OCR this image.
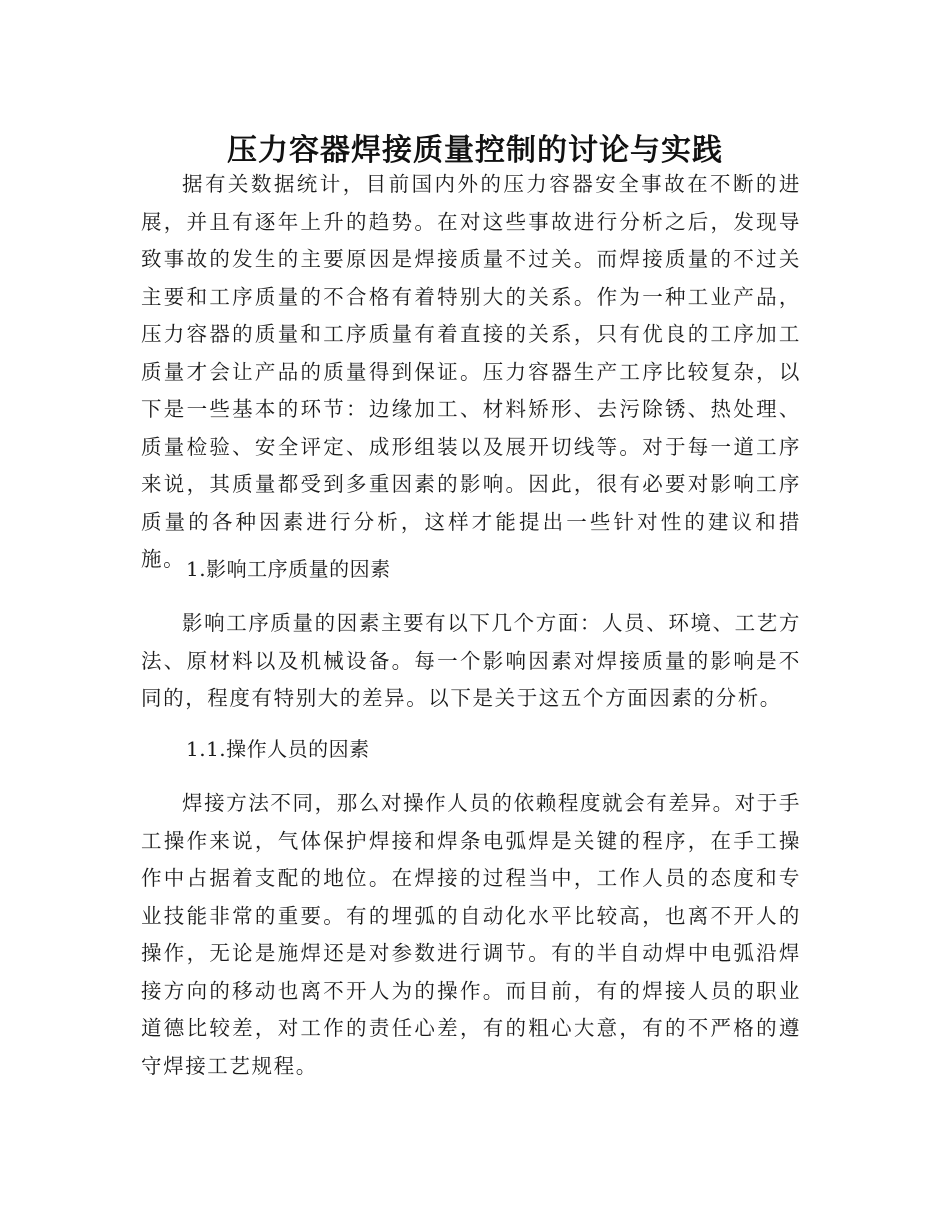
压力容器焊接质量控制的讨论与实践

据有关数据统计，目前国内外的压力容器安全事故在不断的进展，并且有逐年上升的趋势。在对这些事故进行分析之后，发现导致事故的发生的主要原因是焊接质量不过关。而焊接质量的不过关主要和工序质量的不合格有着特别大的关系。作为一种工业产品，压力容器的质量和工序质量有着直接的关系，只有优良的工序加工质量才会让产品的质量得到保证。压力容器生产工序比较复杂，以下是一些基本的环节：边缘加工、材料矫形、去污除锈、热处理、质量检验、安全评定、成形组装以及展开切线等。对于每一道工序来说，其质量都受到多重因素的影响。因此，很有必要对影响工序质量的各种因素进行分析，这样才能提出一些针对性的建议和措施。 1.影响工序质量的因素

影响工序质量的因素主要有以下几个方面：人员、环境、工艺方法、原材料以及机械设备。每一个影响因素对焊接质量的影响是不同的，程度有特别大的差异。以下是关于这五个方面因素的分析。

1.1.操作人员的因素

焊接方法不同，那么对操作人员的依赖程度就会有差异。对于手工操作来说，气体保护焊接和焊条电弧焊是关键的程序，在手工操作中占据着支配的地位。在焊接的过程当中，工作人员的态度和专业技能非常的重要。有的埋弧的自动化水平比较高，也离不开人的操作，无论是施焊还是对参数进行调节。有的半自动焊中电弧沿焊接方向的移动也离不开人为的操作。而目前，有的焊接人员的职业道德比较差，对工作的责任心差，有的粗心大意，有的不严格的遵守焊接工艺规程。
